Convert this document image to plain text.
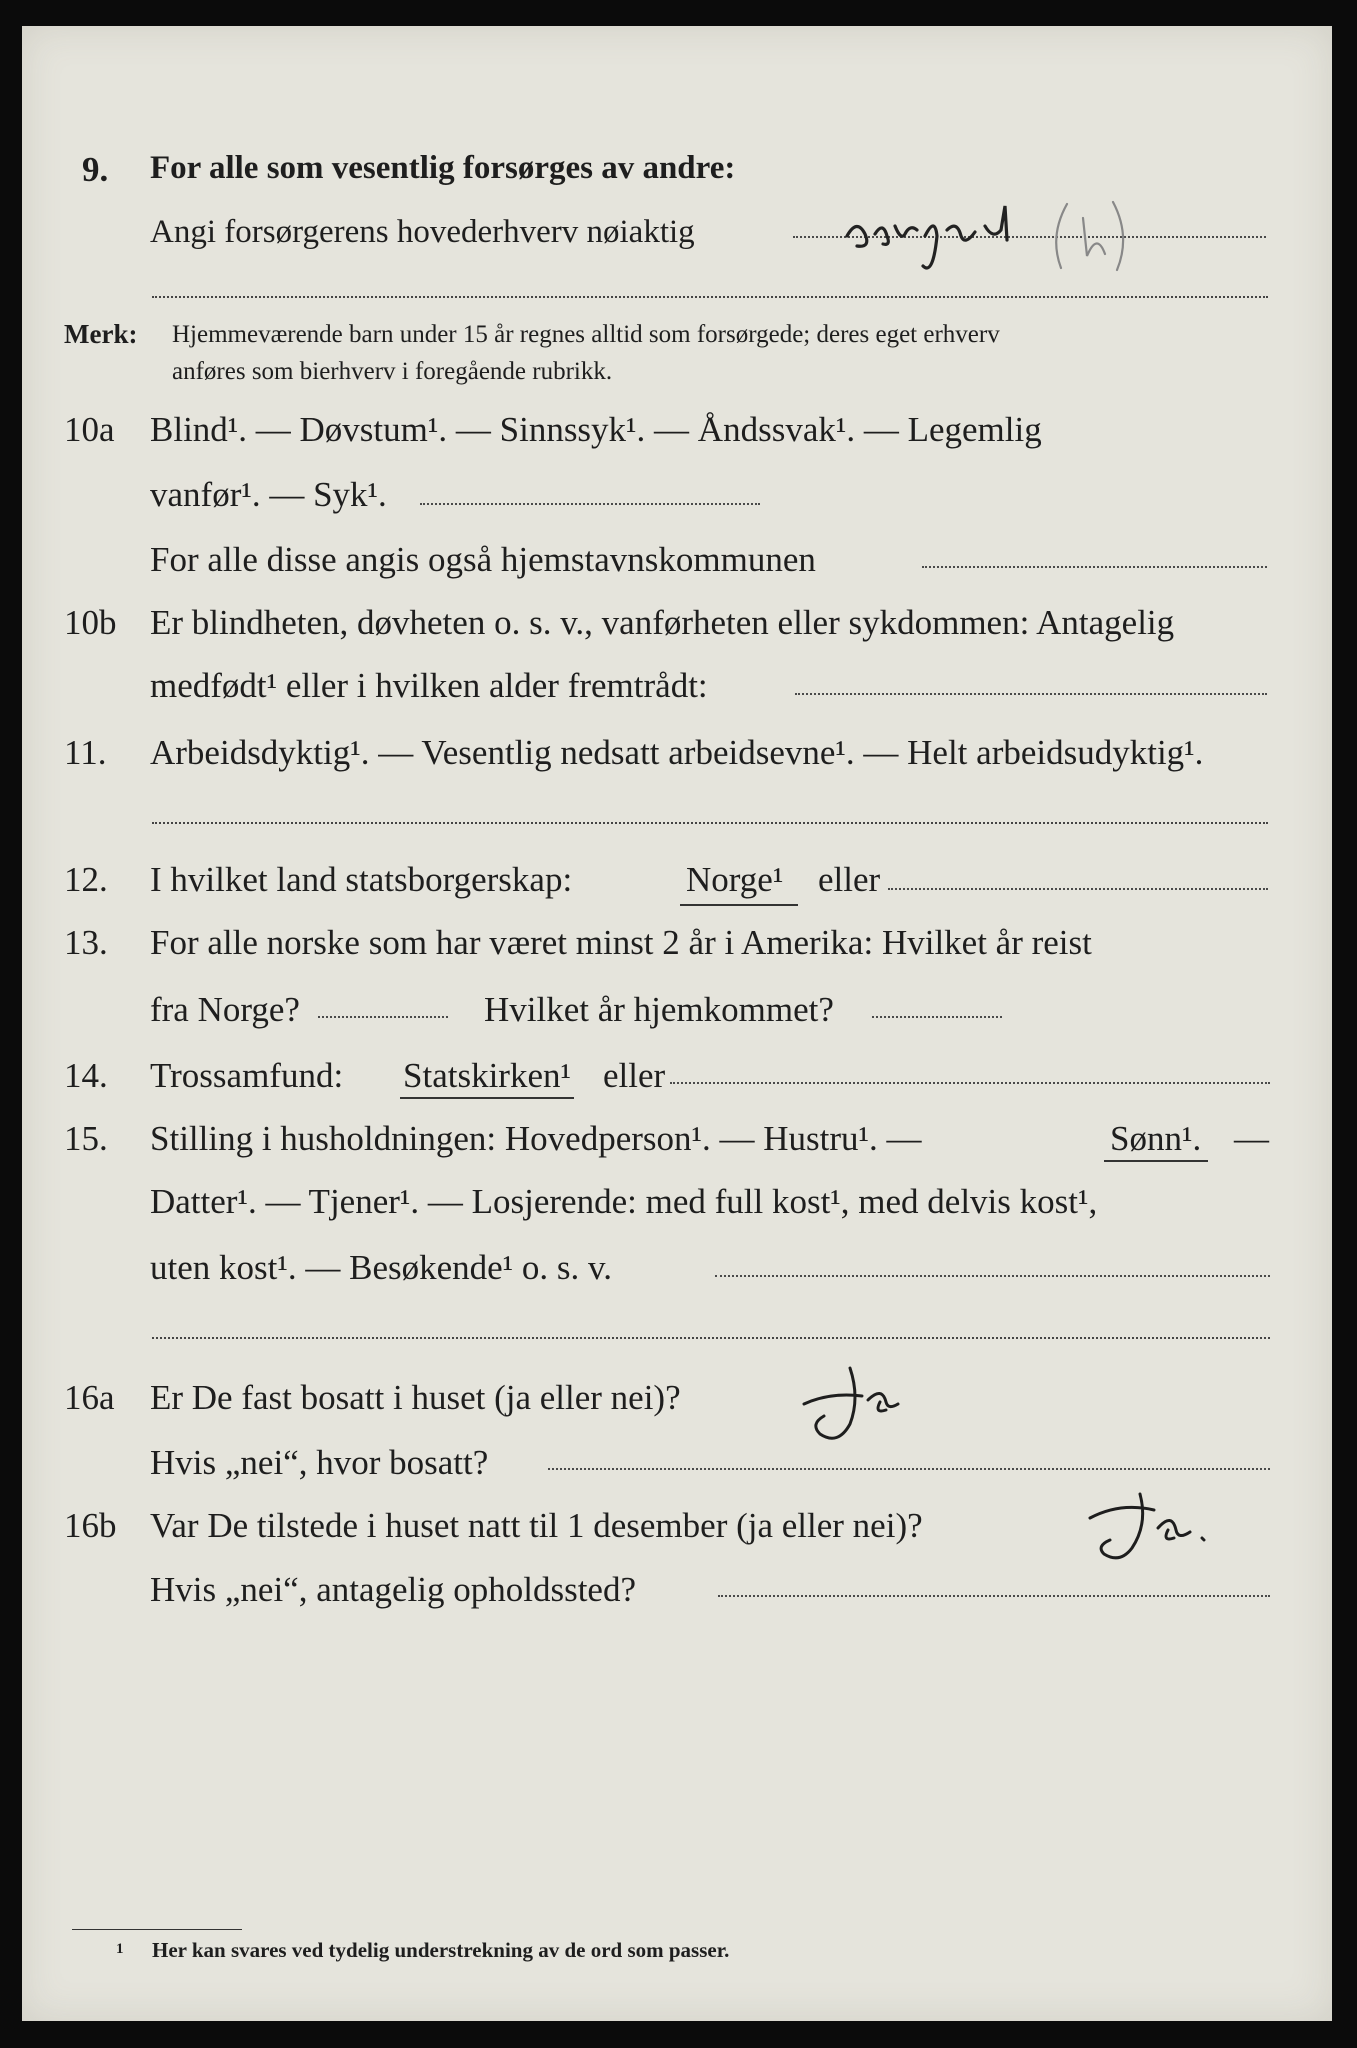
9. For alle som vesentlig forsørges av andre:
Angi forsørgerens hovederhverv nøiaktig
Merk: Hjemmeværende barn under 15 år regnes alltid som forsørgede; deres eget erhverv
anføres som bierhverv i foregående rubrikk.
10a Blind¹. — Døvstum¹. — Sinnssyk¹. — Åndssvak¹. — Legemlig
vanfør¹. — Syk¹.
For alle disse angis også hjemstavnskommunen
10b Er blindheten, døvheten o. s. v., vanførheten eller sykdommen: Antagelig
medfødt¹ eller i hvilken alder fremtrådt:
11. Arbeidsdyktig¹. — Vesentlig nedsatt arbeidsevne¹. — Helt arbeidsudyktig¹.
12. I hvilket land statsborgerskap:	Norge¹ eller
13. For alle norske som har været minst 2 år i Amerika: Hvilket år reist
fra Norge?	Hvilket år hjemkommet?
14. Trossamfund: Statskirken¹ eller
15. Stilling i husholdningen: Hovedperson¹. — Hustru¹. —	Sønn¹. —
Datter¹. — Tjener¹. — Losjerende: med full kost¹, med delvis kost¹,
uten kost¹. — Besøkende¹ o. s. v.
16a Er De fast bosatt i huset (ja eller nei)?
Hvis „nei“, hvor bosatt?
16b Var De tilstede i huset natt til 1 desember (ja eller nei)?
Hvis „nei“, antagelig opholdssted?
1 Her kan svares ved tydelig understrekning av de ord som passer.
